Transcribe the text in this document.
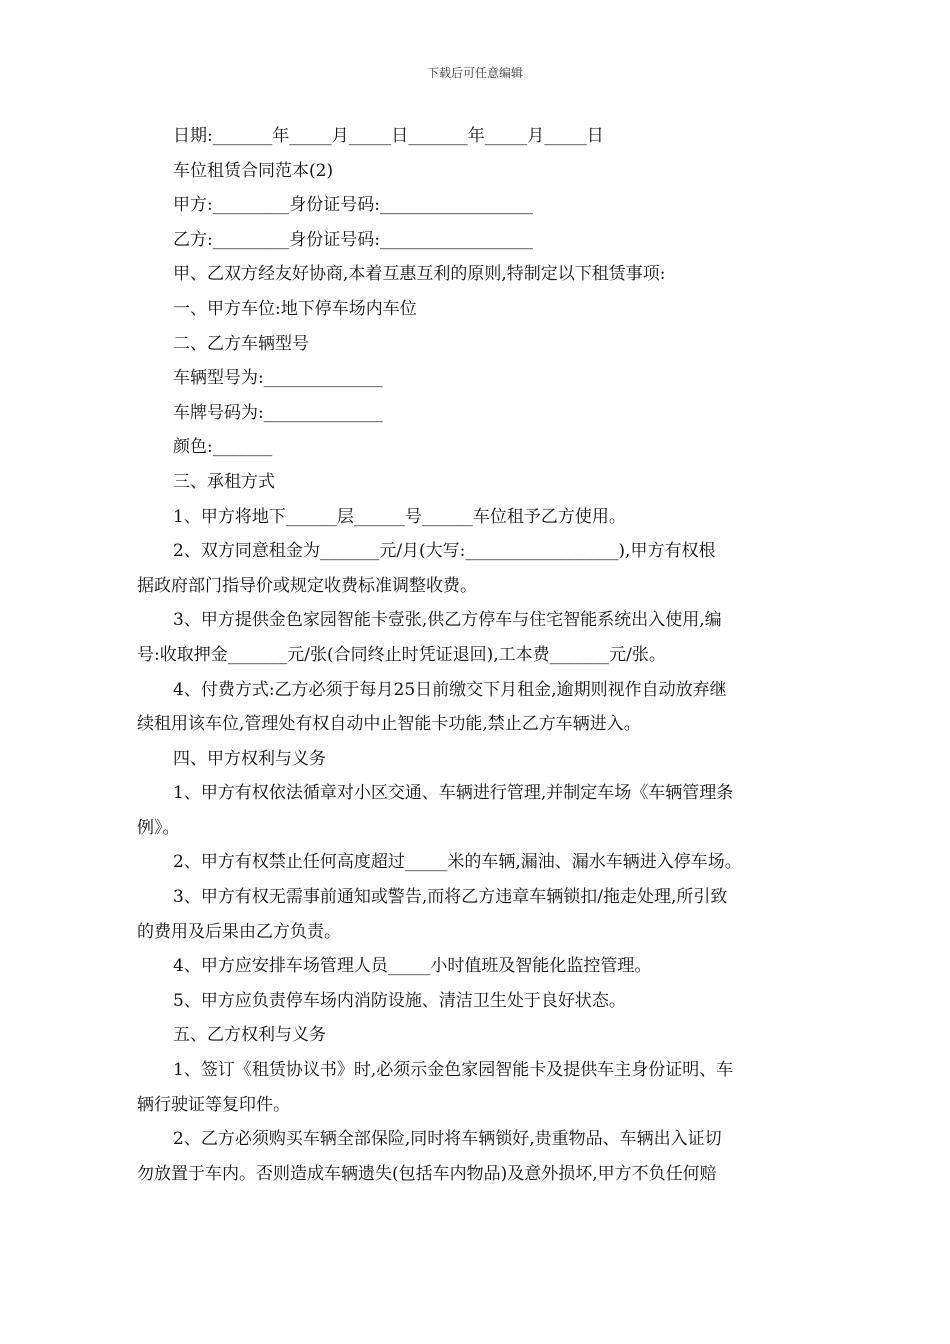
下载后可任意编辑
日期:_______年_____月_____日_______年_____月_____日
车位租赁合同范本(2)
甲方:_________身份证号码:__________________
乙方:_________身份证号码:__________________
甲、乙双方经友好协商,本着互惠互利的原则,特制定以下租赁事项:
一、甲方车位:地下停车场内车位
二、乙方车辆型号
车辆型号为:______________
车牌号码为:______________
颜色:_______
三、承租方式
1、甲方将地下______层______号______车位租予乙方使用。
2、双方同意租金为_______元/月(大写:__________________),甲方有权根
据政府部门指导价或规定收费标准调整收费。
3、甲方提供金色家园智能卡壹张,供乙方停车与住宅智能系统出入使用,编
号:收取押金_______元/张(合同终止时凭证退回),工本费_______元/张。
4、付费方式:乙方必须于每月25日前缴交下月租金,逾期则视作自动放弃继
续租用该车位,管理处有权自动中止智能卡功能,禁止乙方车辆进入。
四、甲方权利与义务
1、甲方有权依法循章对小区交通、车辆进行管理,并制定车场《车辆管理条
例》。
2、甲方有权禁止任何高度超过_____米的车辆,漏油、漏水车辆进入停车场。
3、甲方有权无需事前通知或警告,而将乙方违章车辆锁扣/拖走处理,所引致
的费用及后果由乙方负责。
4、甲方应安排车场管理人员_____小时值班及智能化监控管理。
5、甲方应负责停车场内消防设施、清洁卫生处于良好状态。
五、乙方权利与义务
1、签订《租赁协议书》时,必须示金色家园智能卡及提供车主身份证明、车
辆行驶证等复印件。
2、乙方必须购买车辆全部保险,同时将车辆锁好,贵重物品、车辆出入证切
勿放置于车内。否则造成车辆遗失(包括车内物品)及意外损坏,甲方不负任何赔
